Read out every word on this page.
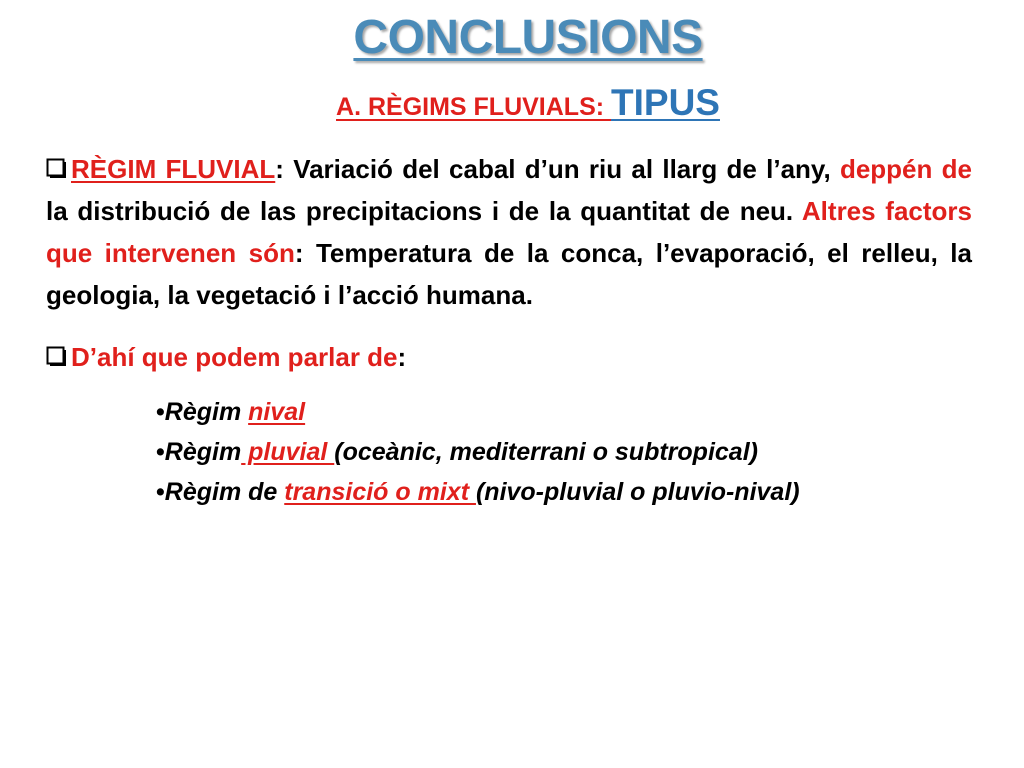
CONCLUSIONS
A. RÈGIMS FLUVIALS: TIPUS
RÈGIM FLUVIAL: Variació del cabal d’un riu al llarg de l’any, deppén de la distribució de las precipitacions i de la quantitat de neu. Altres factors que intervenen són: Temperatura de la conca, l’evaporació, el relleu, la geologia, la vegetació i l’acció humana.
D’ahí que podem parlar de:
•Règim nival
•Règim pluvial (oceànic, mediterrani o subtropical)
•Règim de transició o mixt (nivo-pluvial o pluvio-nival)
